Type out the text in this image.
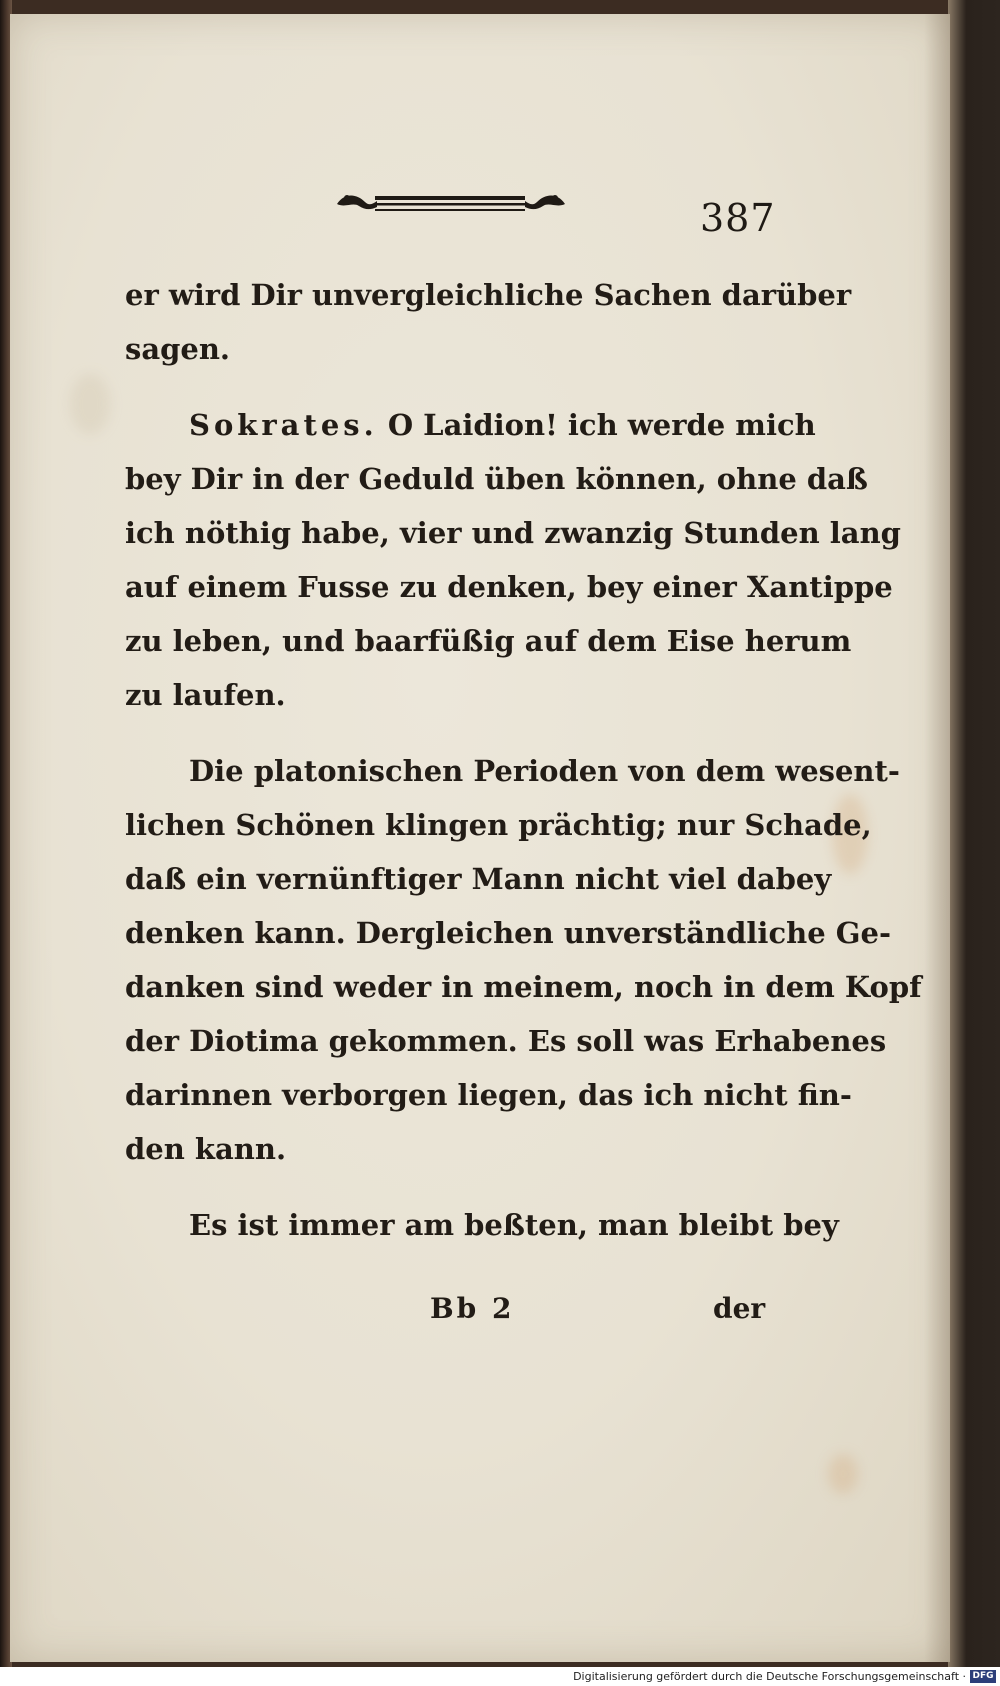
387
er wird Dir unvergleichliche Sachen darüber
sagen.
Sokrates. O Laidion! ich werde mich
bey Dir in der Geduld üben können, ohne daß
ich nöthig habe, vier und zwanzig Stunden lang
auf einem Fusse zu denken, bey einer Xantippe
zu leben, und baarfüßig auf dem Eise herum
zu laufen.
Die platonischen Perioden von dem wesent-
lichen Schönen klingen prächtig; nur Schade,
daß ein vernünftiger Mann nicht viel dabey
denken kann. Dergleichen unverständliche Ge-
danken sind weder in meinem, noch in dem Kopf
der Diotima gekommen. Es soll was Erhabenes
darinnen verborgen liegen, das ich nicht fin-
den kann.
Es ist immer am beßten, man bleibt bey
Bb 2	der
Digitalisierung gefördert durch die Deutsche Forschungsgemeinschaft · DFG
